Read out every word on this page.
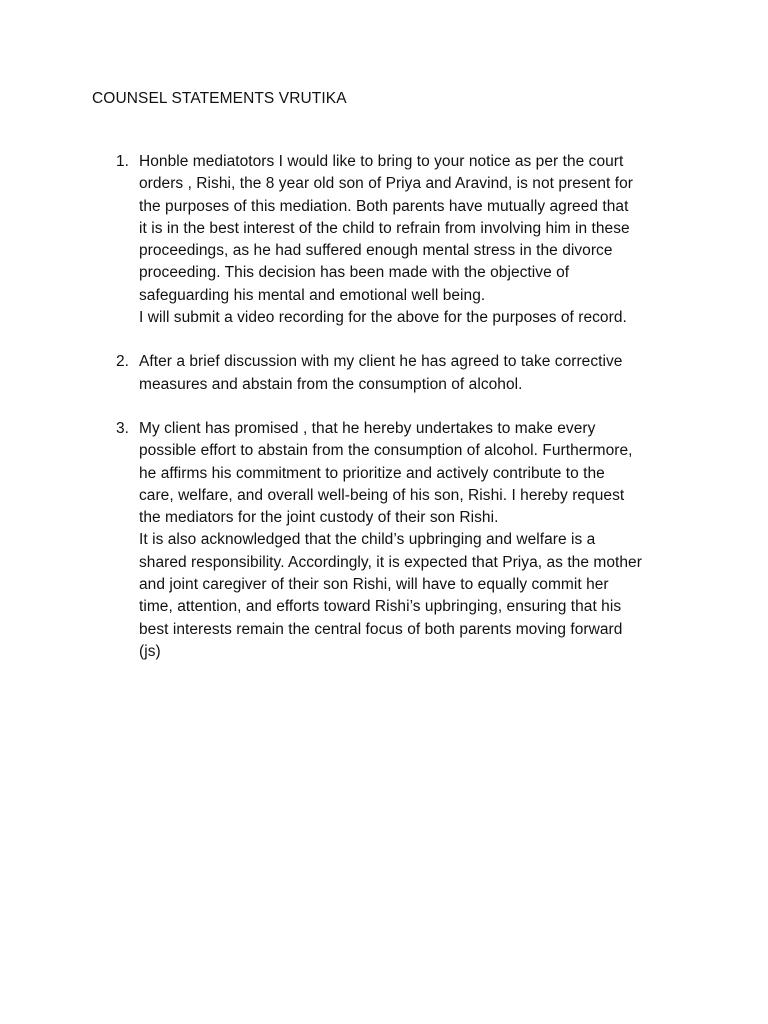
COUNSEL STATEMENTS VRUTIKA
1. Honble mediatotors I would like to bring to your notice as per the court
orders , Rishi, the 8 year old son of Priya and Aravind, is not present for
the purposes of this mediation. Both parents have mutually agreed that
it is in the best interest of the child to refrain from involving him in these
proceedings, as he had suffered enough mental stress in the divorce
proceeding. This decision has been made with the objective of
safeguarding his mental and emotional well being.
I will submit a video recording for the above for the purposes of record.
2. After a brief discussion with my client he has agreed to take corrective
measures and abstain from the consumption of alcohol.
3. My client has promised , that he hereby undertakes to make every
possible effort to abstain from the consumption of alcohol. Furthermore,
he affirms his commitment to prioritize and actively contribute to the
care, welfare, and overall well-being of his son, Rishi. I hereby request
the mediators for the joint custody of their son Rishi.
It is also acknowledged that the child’s upbringing and welfare is a
shared responsibility. Accordingly, it is expected that Priya, as the mother
and joint caregiver of their son Rishi, will have to equally commit her
time, attention, and efforts toward Rishi’s upbringing, ensuring that his
best interests remain the central focus of both parents moving forward
(js)
